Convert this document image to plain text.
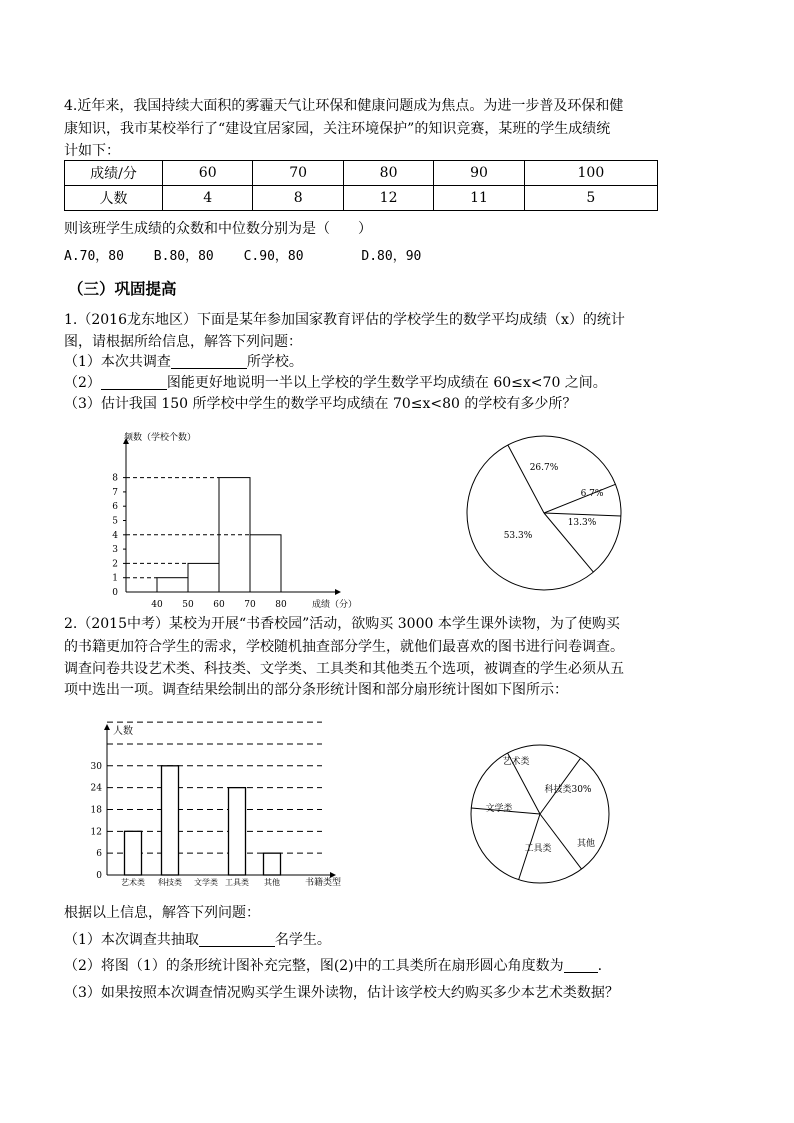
4.近年来，我国持续大面积的雾霾天气让环保和健康问题成为焦点。为进一步普及环保和健
康知识，我市某校举行了“建设宜居家园，关注环境保护”的知识竞赛，某班的学生成绩统
计如下：
成绩/分	60	70	80	90	100
人数	4	8	12	11	5
则该班学生成绩的众数和中位数分别为是（　　）
A.70，80 B.80，80 C.90，80	D.80，90
（三）巩固提高
1.（2016龙东地区）下面是某年参加国家教育评估的学校学生的数学平均成绩（x）的统计
图，请根据所给信息，解答下列问题：
（1）本次共调查	所学校。
（2）	图能更好地说明一半以上学校的学生数学平均成绩在 60≤x<70 之间。
（3）估计我国 150 所学校中学生的数学平均成绩在 70≤x<80 的学校有多少所？
频数（学校个数）
成绩（分）
0
1
2
3
4
5
6
7
8
40 50 60 70 80
26.7%
6.7%
13.3%
53.3%
2.（2015中考）某校为开展“书香校园”活动，欲购买 3000 本学生课外读物，为了使购买
的书籍更加符合学生的需求，学校随机抽查部分学生，就他们最喜欢的图书进行问卷调查。
调查问卷共设艺术类、科技类、文学类、工具类和其他类五个选项，被调查的学生必须从五
项中选出一项。调查结果绘制出的部分条形统计图和部分扇形统计图如下图所示：
人数
书籍类型
0
6
12
18
24
30
艺术类 科技类 文学类 工具类 其他
艺术类
科技类30%
其他
工具类
文学类
根据以上信息，解答下列问题：
（1）本次调查共抽取	名学生。
（2）将图（1）的条形统计图补充完整，图(2)中的工具类所在扇形圆心角度数为 .
（3）如果按照本次调查情况购买学生课外读物，估计该学校大约购买多少本艺术类数据？
